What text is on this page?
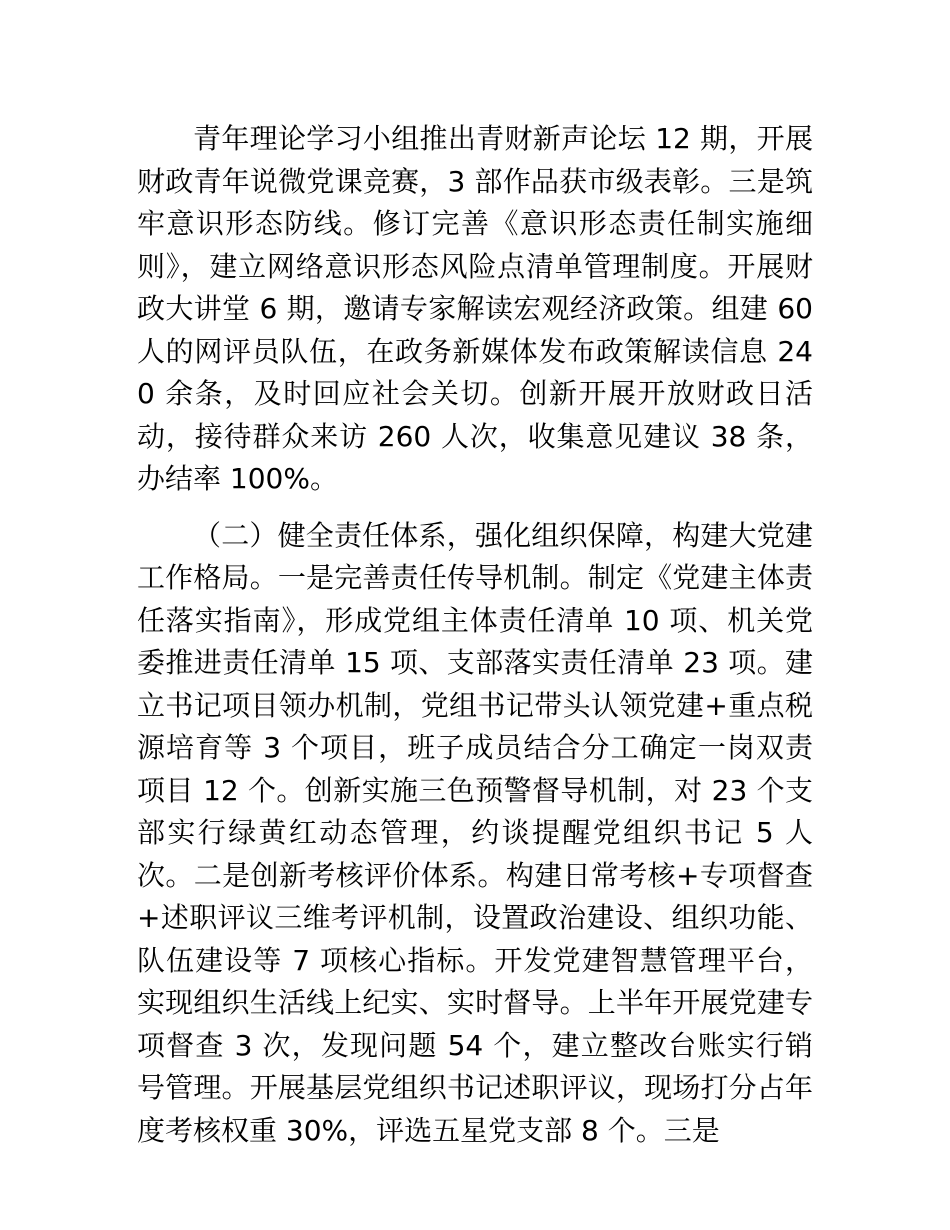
青年理论学习小组推出青财新声论坛 12 期，开展财政青年说微党课竞赛，3 部作品获市级表彰。三是筑牢意识形态防线。修订完善《意识形态责任制实施细则》，建立网络意识形态风险点清单管理制度。开展财政大讲堂 6 期，邀请专家解读宏观经济政策。组建 60 人的网评员队伍，在政务新媒体发布政策解读信息 240 余条，及时回应社会关切。创新开展开放财政日活动，接待群众来访 260 人次，收集意见建议 38 条，办结率 100%。

（二）健全责任体系，强化组织保障，构建大党建工作格局。一是完善责任传导机制。制定《党建主体责任落实指南》，形成党组主体责任清单 10 项、机关党委推进责任清单 15 项、支部落实责任清单 23 项。建立书记项目领办机制，党组书记带头认领党建+重点税源培育等 3 个项目，班子成员结合分工确定一岗双责项目 12 个。创新实施三色预警督导机制，对 23 个支部实行绿黄红动态管理，约谈提醒党组织书记 5 人次。二是创新考核评价体系。构建日常考核+专项督查+述职评议三维考评机制，设置政治建设、组织功能、队伍建设等 7 项核心指标。开发党建智慧管理平台，实现组织生活线上纪实、实时督导。上半年开展党建专项督查 3 次，发现问题 54 个，建立整改台账实行销号管理。开展基层党组织书记述职评议，现场打分占年度考核权重 30%，评选五星党支部 8 个。三是
